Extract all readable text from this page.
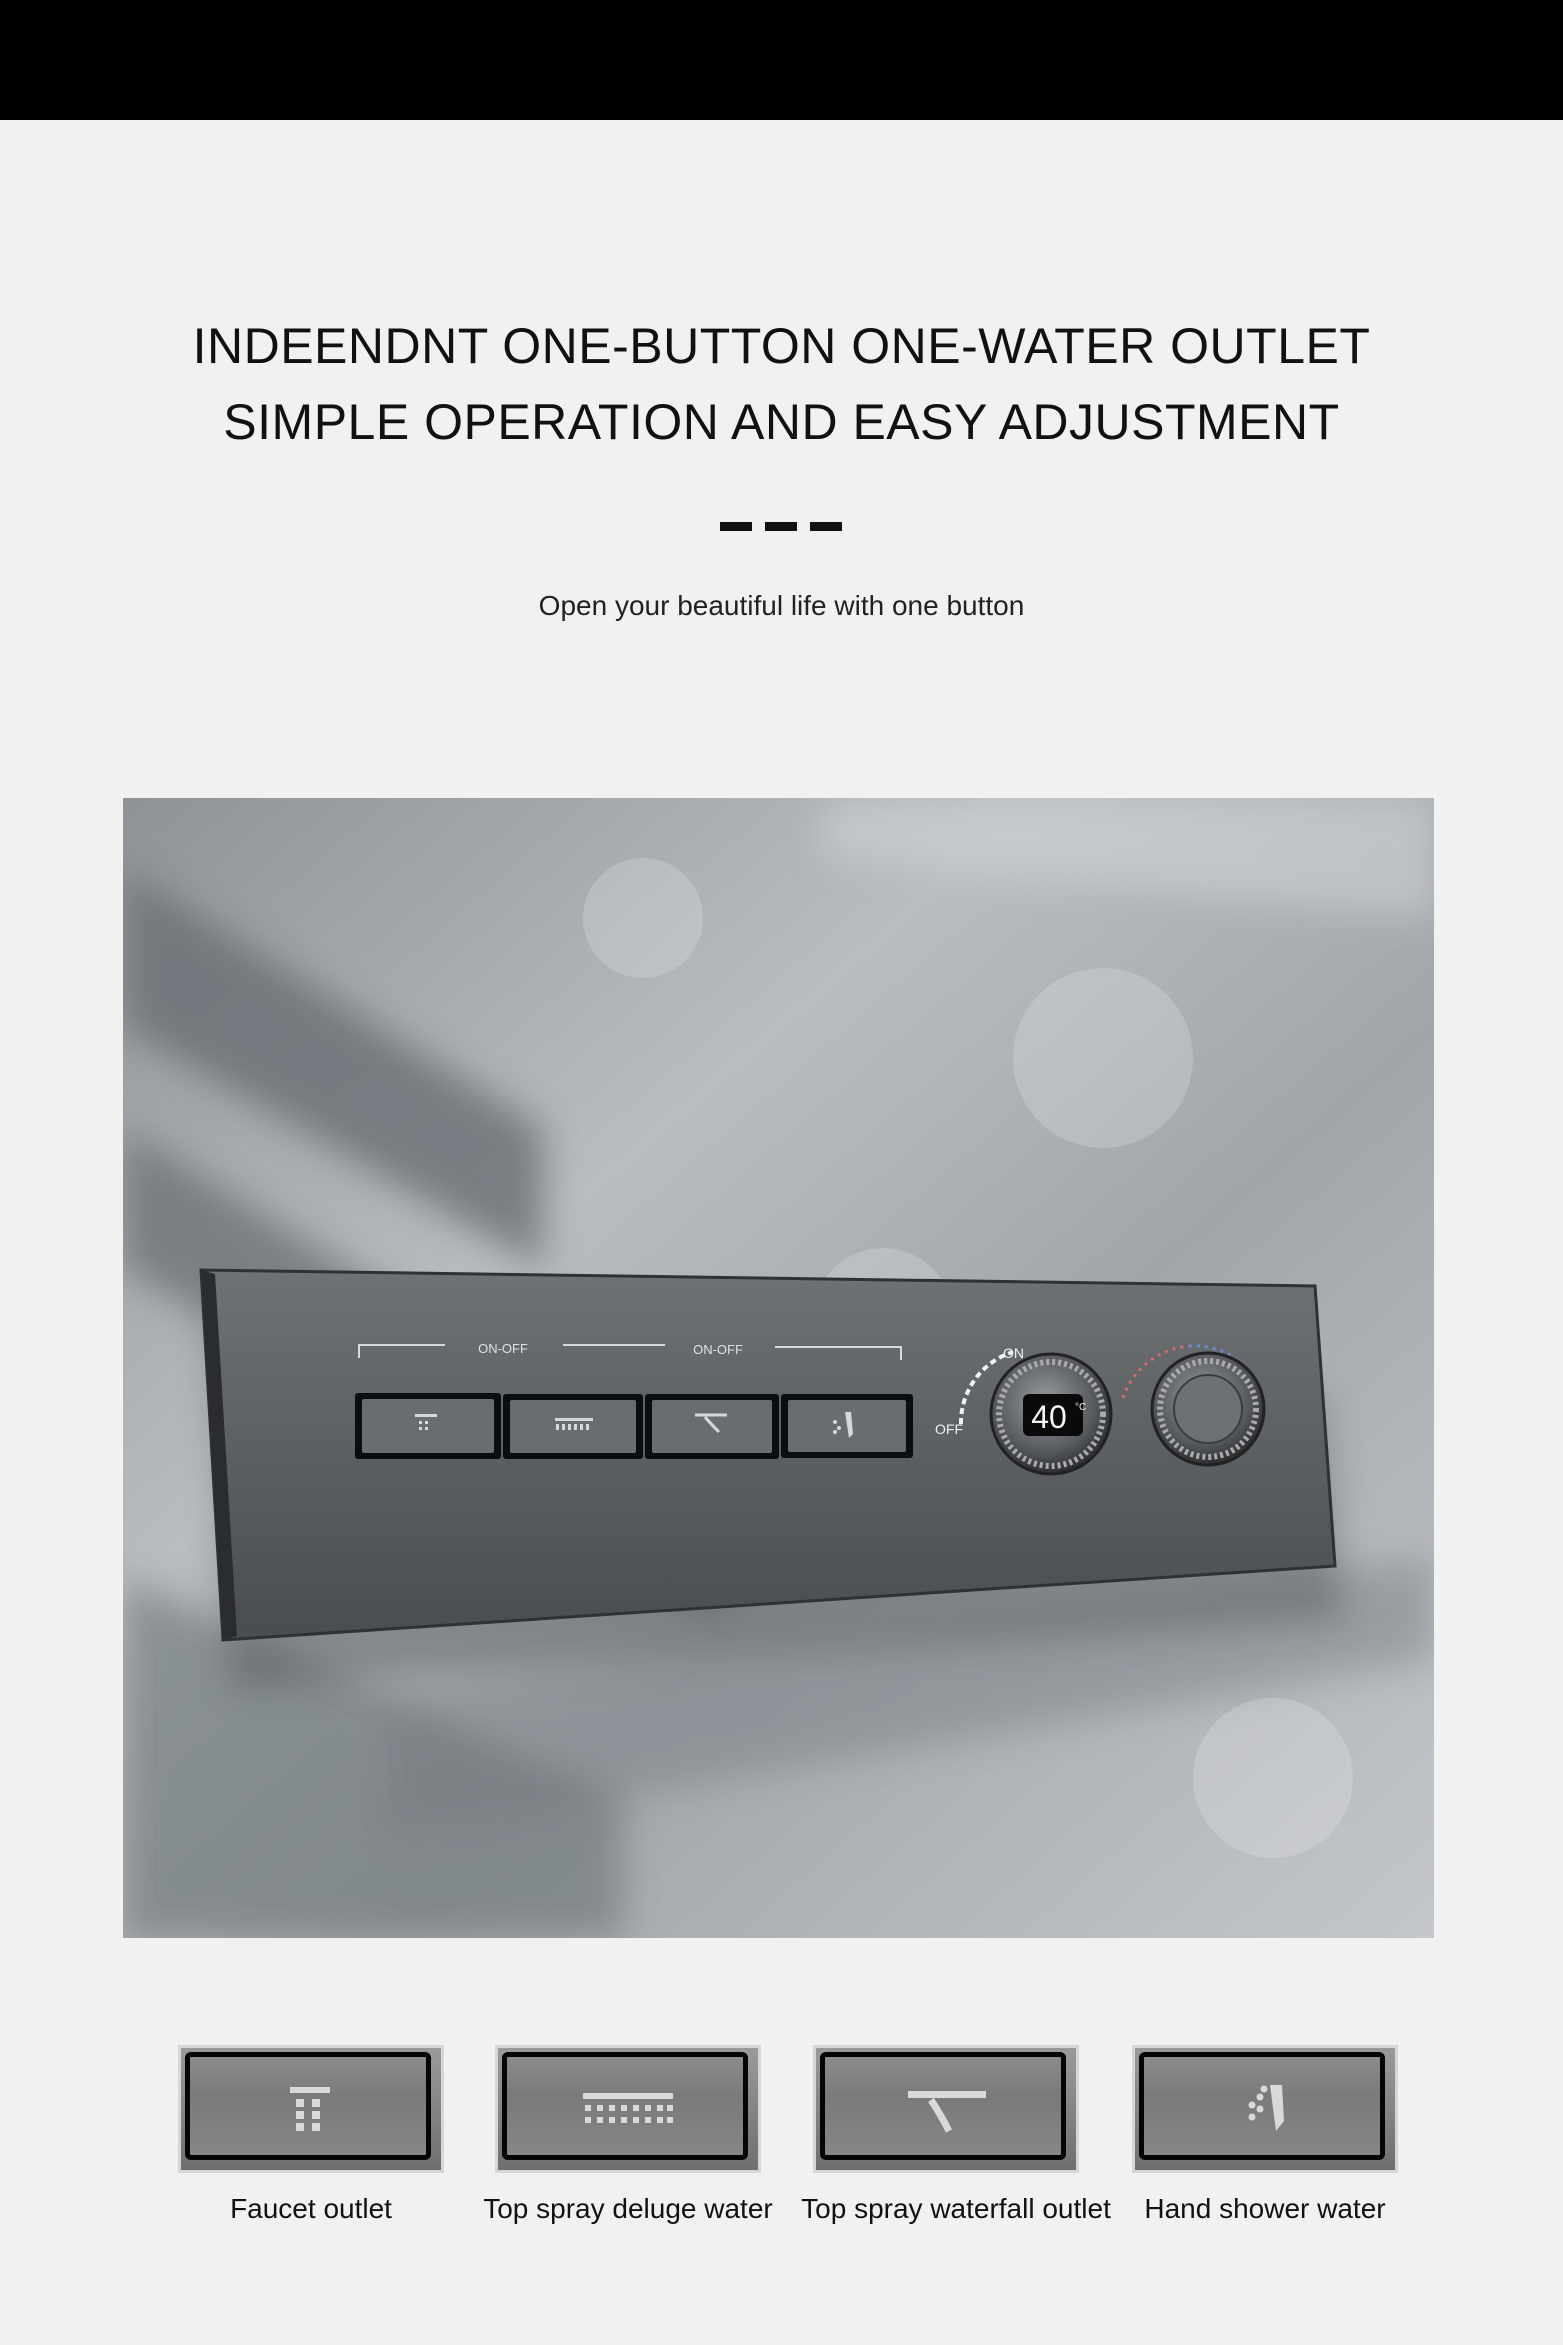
INDEENDNT ONE-BUTTON ONE-WATER OUTLET
SIMPLE OPERATION AND EASY ADJUSTMENT
Open your beautiful life with one button
ON-OFF	ON-OFF
40 °C
ON
OFF
Faucet outlet	Top spray deluge water	Top spray waterfall outlet	Hand shower water
